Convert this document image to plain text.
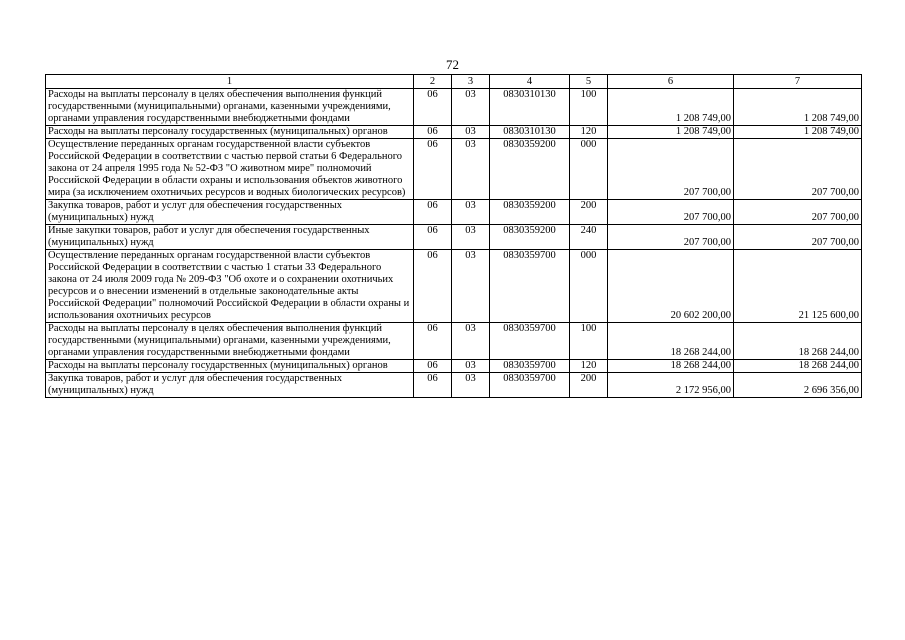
72
1	2	3	4	5	6	7
Расходы на выплаты персоналу в целях обеспечения выполнения функций государственными (муниципальными) органами, казенными учреждениями, органами управления государственными внебюджетными фондами	06	03	0830310130	100	1 208 749,00	1 208 749,00
Расходы на выплаты персоналу государственных (муниципальных) органов	06	03	0830310130	120	1 208 749,00	1 208 749,00
Осуществление переданных органам государственной власти субъектов Российской Федерации в соответствии с частью первой статьи 6 Федерального закона от 24 апреля 1995 года № 52-ФЗ "О животном мире" полномочий Российской Федерации в области охраны и использования объектов животного мира (за исключением охотничьих ресурсов и водных биологических ресурсов)	06	03	0830359200	000	207 700,00	207 700,00
Закупка товаров, работ и услуг для обеспечения государственных (муниципальных) нужд	06	03	0830359200	200	207 700,00	207 700,00
Иные закупки товаров, работ и услуг для обеспечения государственных (муниципальных) нужд	06	03	0830359200	240	207 700,00	207 700,00
Осуществление переданных органам государственной власти субъектов Российской Федерации в соответствии с частью 1 статьи 33 Федерального закона от 24 июля 2009 года № 209-ФЗ "Об охоте и о сохранении охотничьих ресурсов и о внесении изменений в отдельные законодательные акты Российской Федерации" полномочий Российской Федерации в области охраны и использования охотничьих ресурсов	06	03	0830359700	000	20 602 200,00	21 125 600,00
Расходы на выплаты персоналу в целях обеспечения выполнения функций государственными (муниципальными) органами, казенными учреждениями, органами управления государственными внебюджетными фондами	06	03	0830359700	100	18 268 244,00	18 268 244,00
Расходы на выплаты персоналу государственных (муниципальных) органов	06	03	0830359700	120	18 268 244,00	18 268 244,00
Закупка товаров, работ и услуг для обеспечения государственных (муниципальных) нужд	06	03	0830359700	200	2 172 956,00	2 696 356,00
